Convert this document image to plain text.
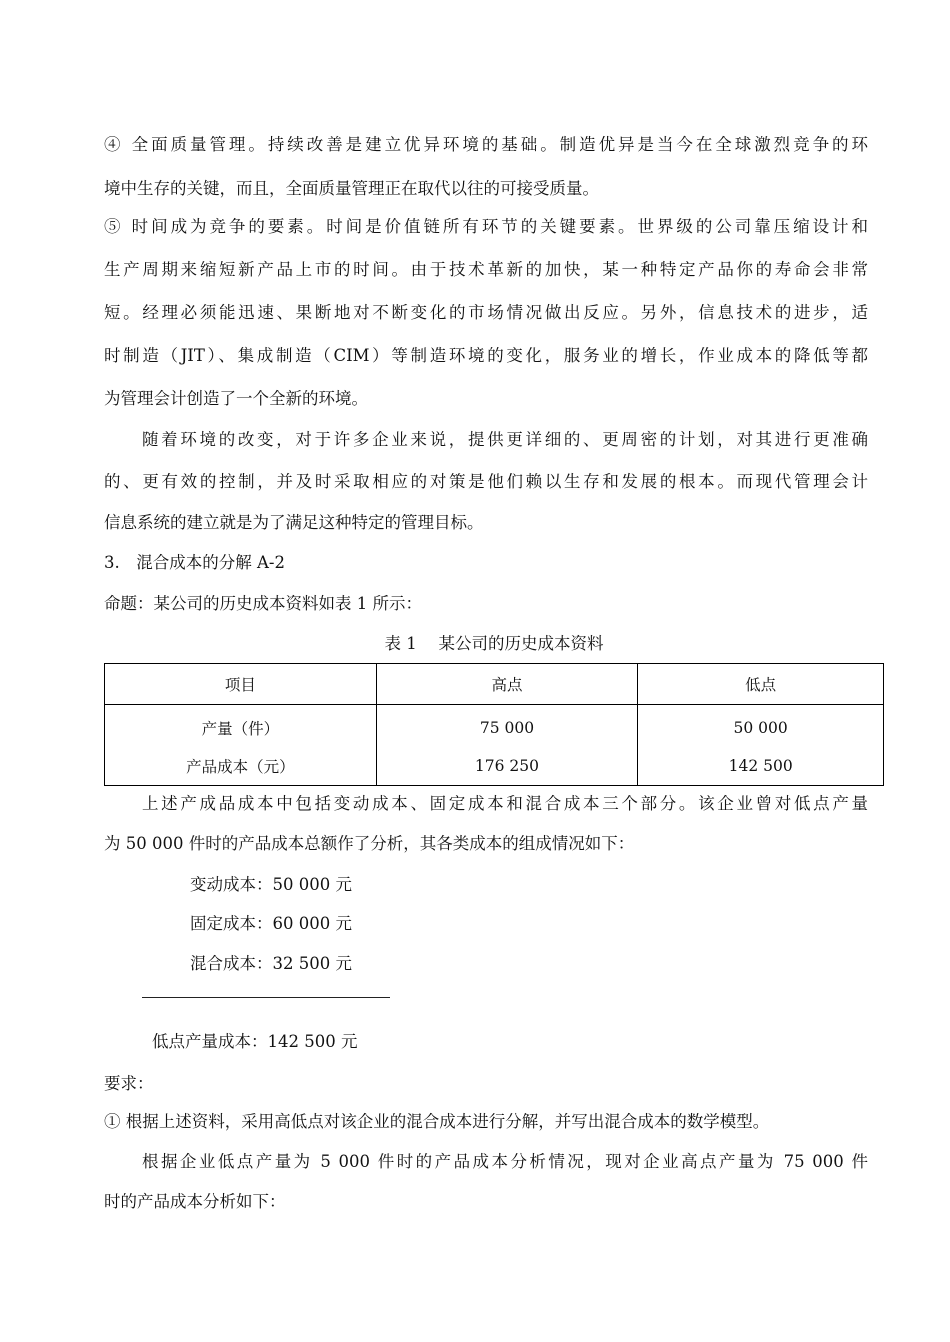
④ 全面质量管理。持续改善是建立优异环境的基础。制造优异是当今在全球激烈竞争的环
境中生存的关键，而且，全面质量管理正在取代以往的可接受质量。
⑤ 时间成为竞争的要素。时间是价值链所有环节的关键要素。世界级的公司靠压缩设计和
生产周期来缩短新产品上市的时间。由于技术革新的加快，某一种特定产品你的寿命会非常
短。经理必须能迅速、果断地对不断变化的市场情况做出反应。另外，信息技术的进步，适
时制造（JIT）、集成制造（CIM）等制造环境的变化，服务业的增长，作业成本的降低等都
为管理会计创造了一个全新的环境。
随着环境的改变，对于许多企业来说，提供更详细的、更周密的计划，对其进行更准确
的、更有效的控制，并及时采取相应的对策是他们赖以生存和发展的根本。而现代管理会计
信息系统的建立就是为了满足这种特定的管理目标。
3.　混合成本的分解 A-2
命题：某公司的历史成本资料如表 1 所示：
表 1　 某公司的历史成本资料
项目	高点	低点
产量（件）	75 000	50 000
产品成本（元）	176 250	142 500
上述产成品成本中包括变动成本、固定成本和混合成本三个部分。该企业曾对低点产量
为 50 000 件时的产品成本总额作了分析，其各类成本的组成情况如下：
变动成本：50 000 元
固定成本：60 000 元
混合成本：32 500 元
低点产量成本：142 500 元
要求：
① 根据上述资料，采用高低点对该企业的混合成本进行分解，并写出混合成本的数学模型。
根据企业低点产量为 5 000 件时的产品成本分析情况，现对企业高点产量为 75 000 件
时的产品成本分析如下：
